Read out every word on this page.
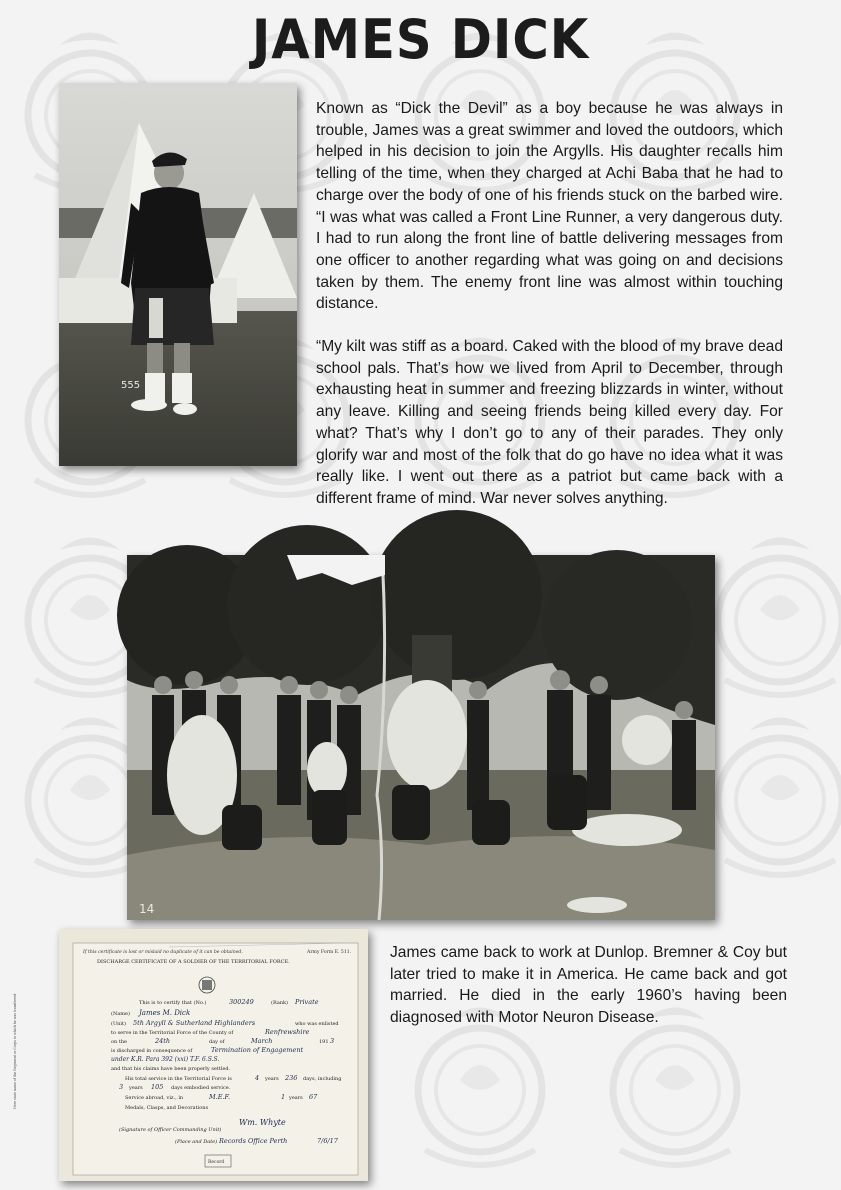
JAMES DICK
555

Known as “Dick the Devil” as a boy because he was always in trouble, James was a great swimmer and loved the outdoors, which helped in his decision to join the Argylls. His daughter recalls him telling of the time, when they charged at Achi Baba that he had to charge over the body of one of his friends stuck on the barbed wire. “I was what was called a Front Line Runner, a very dangerous duty. I had to run along the front line of battle delivering messages from one officer to another regarding what was going on and decisions taken by them. The enemy front line was almost within touching distance.

“My kilt was stiff as a board. Caked with the blood of my brave dead school pals. That’s how we lived from April to December, through exhausting heat in summer and freezing blizzards in winter, without any leave. Killing and seeing friends being killed every day. For what? That’s why I don’t go to any of their parades. They only glorify war and most of the folk that do go have no idea what it was really like. I went out there as a patriot but came back with a different frame of mind. War never solves anything.

14
If this certificate is lost or mislaid no duplicate of it can be obtained.	Army Form E. 511.
DISCHARGE CERTIFICATE OF A SOLDIER OF THE TERRITORIAL FORCE.
This is to certify that (No.)	300249	(Rank) Private
(Name) James M. Dick
(Unit) 5th Argyll & Sutherland Highlanders	who was enlisted
to serve in the Territorial Force of the County of	Renfrewshire
on the	24th	day of	March	191 3
is discharged in consequence of	Termination of Engagement
under K.R. Para 392 (xxi) T.F. 6.S.S.
and that his claims have been properly settled.
His total service in the Territorial Force is	4 years 236 days, including
3 years 105 days embodied service.
Service abroad, viz., in	M.E.F.	1 years 67
Medals, Clasps, and Decorations
Wm. Whyte
(Signature of Officer Commanding Unit)
(Place and Date) Records Office Perth	7/6/17
Record
Here state name of the Regiment or Corps to which he was transferred
James came back to work at Dunlop. Bremner & Coy but later tried to make it in America. He came back and got married. He died in the early 1960’s having been diagnosed with Motor Neuron Disease.
